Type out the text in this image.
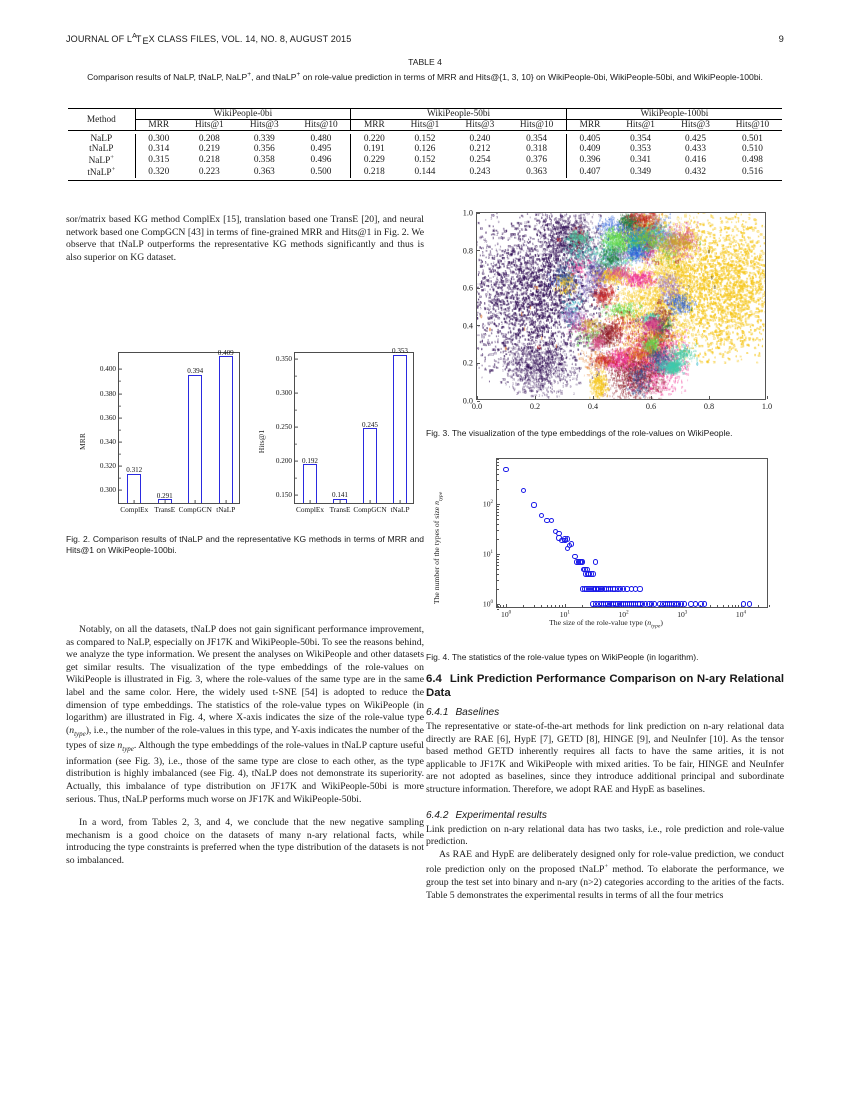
JOURNAL OF $L^ATEX$ CLASS FILES, VOL. 14, NO. 8, AUGUST 2015	9
TABLE 4
Comparison results of NaLP, tNaLP, NaLP+, and tNaLP+ on role-value prediction in terms of MRR and Hits@{1, 3, 10} on WikiPeople-0bi, WikiPeople-50bi, and WikiPeople-100bi.
Method	WikiPeople-0bi				WikiPeople-50bi				WikiPeople-100bi			
	MRR	Hits@1	Hits@3	Hits@10	MRR	Hits@1	Hits@3	Hits@10	MRR	Hits@1	Hits@3	Hits@10

NaLP	0.300	0.208	0.339	0.480	0.220	0.152	0.240	0.354	0.405	0.354	0.425	0.501
tNaLP	0.314	0.219	0.356	0.495	0.191	0.126	0.212	0.318	0.409	0.353	0.433	0.510
NaLP+	0.315	0.218	0.358	0.496	0.229	0.152	0.254	0.376	0.396	0.341	0.416	0.498
tNaLP+	0.320	0.223	0.363	0.500	0.218	0.144	0.243	0.363	0.407	0.349	0.432	0.516

sor/matrix based KG method ComplEx [15], translation based one TransE [20], and neural network based one CompGCN [43] in terms of fine-grained MRR and Hits@1 in Fig. 2. We observe that tNaLP outperforms the representative KG methods significantly and thus is also superior on KG dataset.

MRR
0.300
0.320
0.340
0.360
0.380
0.400
0.312
ComplEx
0.291
TransE
0.394
CompGCN
0.409
tNaLP
Hits@1
0.150
0.200
0.250
0.300
0.350
0.192
ComplEx
0.141
TransE
0.245
CompGCN
0.353
tNaLP
Fig. 2. Comparison results of tNaLP and the representative KG methods in terms of MRR and Hits@1 on WikiPeople-100bi.

Notably, on all the datasets, tNaLP does not gain significant performance improvement, as compared to NaLP, especially on JF17K and WikiPeople-50bi. To see the reasons behind, we analyze the type information. We present the analyses on WikiPeople and other datasets get similar results. The visualization of the type embeddings of the role-values on WikiPeople is illustrated in Fig. 3, where the role-values of the same type are in the same label and the same color. Here, the widely used t-SNE [54] is adopted to reduce the dimension of type embeddings. The statistics of the role-value types on WikiPeople (in logarithm) are illustrated in Fig. 4, where X-axis indicates the size of the role-value type $(n_{type})$, i.e., the number of the role-values in this type, and Y-axis indicates the number of the types of size $n_{type}$. Although the type embeddings of the role-values in tNaLP capture useful information (see Fig. 3), i.e., those of the same type are close to each other, as the type distribution is highly imbalanced (see Fig. 4), tNaLP does not demonstrate its superiority. Actually, this imbalance of type distribution on JF17K and WikiPeople-50bi is more serious. Thus, tNaLP performs much worse on JF17K and WikiPeople-50bi.

In a word, from Tables 2, 3, and 4, we conclude that the new negative sampling mechanism is a good choice on the datasets of many n-ary relational facts, while introducing the type constraints is preferred when the type distribution of the datasets is not so imbalanced.

0.0	0.2	0.4	0.6	0.8	1.0
0.0
0.2
0.4
0.6
0.8
1.0
Fig. 3. The visualization of the type embeddings of the role-values on WikiPeople.
The number of the types of size $n_{type}$
The size of the role-value type $(n_{type})$
$10^0$	$10^1$	$10^2$	$10^3$	$10^4$
$10^0$
$10^1$
$10^2$
Fig. 4. The statistics of the role-value types on WikiPeople (in logarithm).
6.4 Link Prediction Performance Comparison on N-ary Relational Data
6.4.1 Baselines

The representative or state-of-the-art methods for link prediction on n-ary relational data directly are RAE [6], HypE [7], GETD [8], HINGE [9], and NeuInfer [10]. As the tensor based method GETD inherently requires all facts to have the same arities, it is not applicable to JF17K and WikiPeople with mixed arities. To be fair, HINGE and NeuInfer are not adopted as baselines, since they introduce additional principal and subordinate structure information. Therefore, we adopt RAE and HypE as baselines.

6.4.2 Experimental results

Link prediction on n-ary relational data has two tasks, i.e., role prediction and role-value prediction.

As RAE and HypE are deliberately designed only for role-value prediction, we conduct role prediction only on the proposed tNaLP+ method. To elaborate the performance, we group the test set into binary and n-ary (n>2) categories according to the arities of the facts. Table 5 demonstrates the experimental results in terms of all the four metrics
